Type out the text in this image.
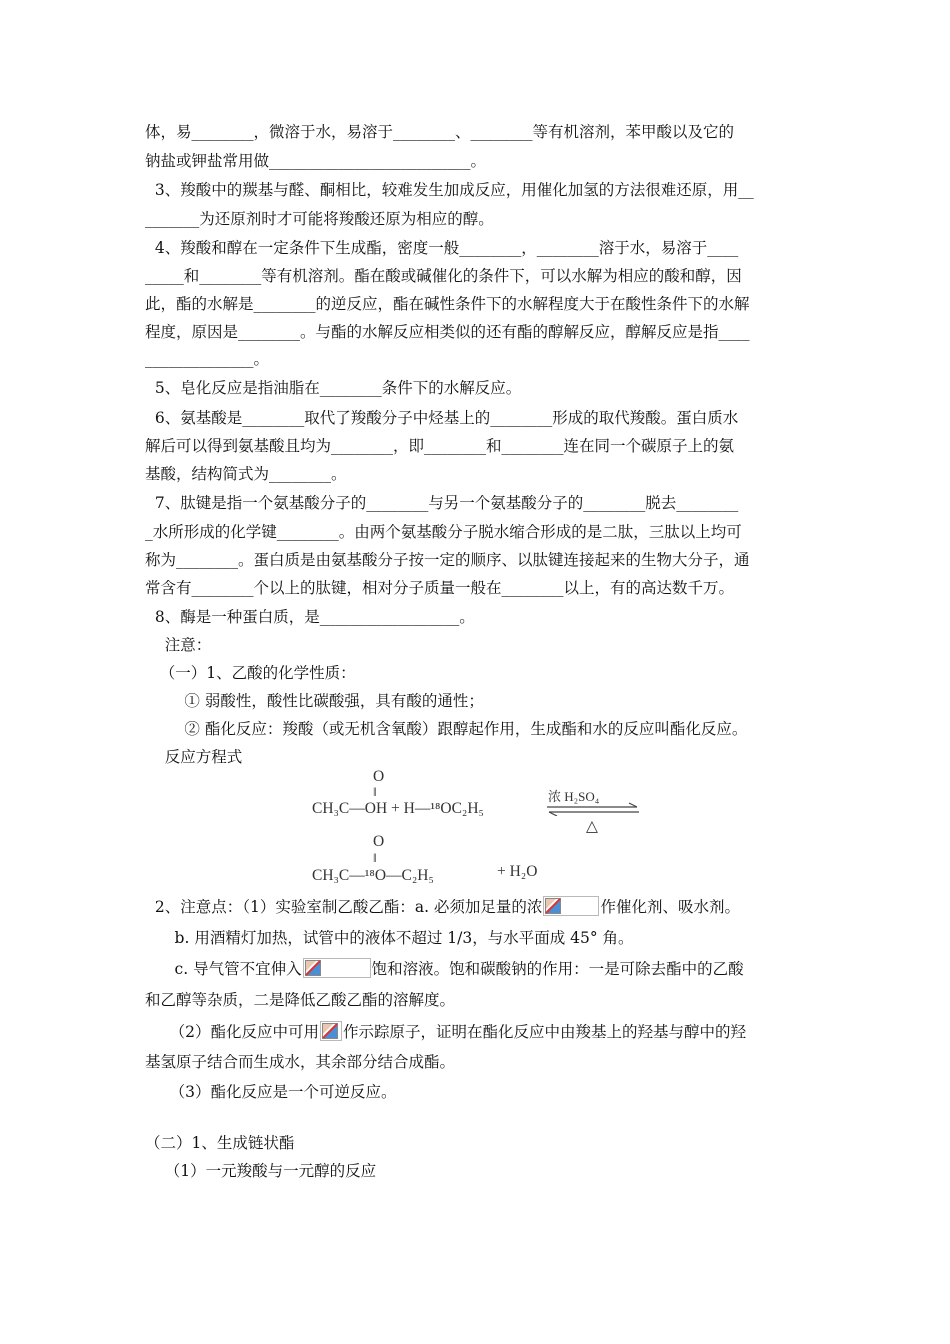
体，易________，微溶于水，易溶于________、________等有机溶剂，苯甲酸以及它的
钠盐或钾盐常用做__________________________。
3、羧酸中的羰基与醛、酮相比，较难发生加成反应，用催化加氢的方法很难还原，用__
_______为还原剂时才可能将羧酸还原为相应的醇。
4、羧酸和醇在一定条件下生成酯，密度一般________，________溶于水，易溶于____
_____和________等有机溶剂。酯在酸或碱催化的条件下，可以水解为相应的酸和醇，因
此，酯的水解是________的逆反应，酯在碱性条件下的水解程度大于在酸性条件下的水解
程度，原因是________。与酯的水解反应相类似的还有酯的醇解反应，醇解反应是指____
______________。
5、皂化反应是指油脂在________条件下的水解反应。
6、氨基酸是________取代了羧酸分子中烃基上的________形成的取代羧酸。蛋白质水
解后可以得到氨基酸且均为________，即________和________连在同一个碳原子上的氨
基酸，结构简式为________。
7、肽键是指一个氨基酸分子的________与另一个氨基酸分子的________脱去________
_水所形成的化学键________。由两个氨基酸分子脱水缩合形成的是二肽，三肽以上均可
称为________。蛋白质是由氨基酸分子按一定的顺序、以肽键连接起来的生物大分子，通
常含有________个以上的肽键，相对分子质量一般在________以上，有的高达数千万。
8、酶是一种蛋白质，是__________________。
注意：
（一）1、乙酸的化学性质：
① 弱酸性，酸性比碳酸强，具有酸的通性；
② 酯化反应：羧酸（或无机含氧酸）跟醇起作用，生成酯和水的反应叫酯化反应。
反应方程式
O
‖
CH₃C—OH + H—¹⁸OC₂H₅
浓 H₂SO₄
△
O
‖
CH₃C—¹⁸O—C₂H₅	+ H₂O
2、注意点：（1）实验室制乙酸乙酯：a. 必须加足量的浓	作催化剂、吸水剂。
b. 用酒精灯加热，试管中的液体不超过 1/3，与水平面成 45° 角。
c. 导气管不宜伸入	饱和溶液。饱和碳酸钠的作用：一是可除去酯中的乙酸
和乙醇等杂质，二是降低乙酸乙酯的溶解度。
（2）酯化反应中可用 作示踪原子，证明在酯化反应中由羧基上的羟基与醇中的羟
基氢原子结合而生成水，其余部分结合成酯。
（3）酯化反应是一个可逆反应。
（二）1、生成链状酯
（1）一元羧酸与一元醇的反应
